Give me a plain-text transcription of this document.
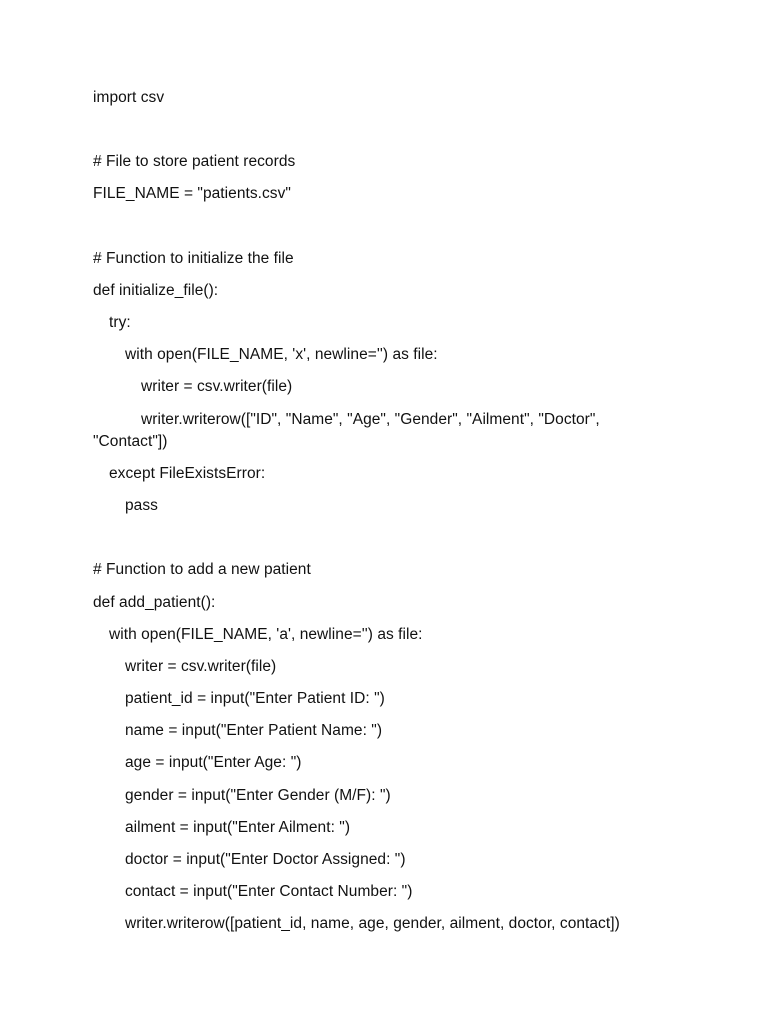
import csv
# File to store patient records
FILE_NAME = "patients.csv"
# Function to initialize the file
def initialize_file():
try:
with open(FILE_NAME, 'x', newline='') as file:
writer = csv.writer(file)
writer.writerow(["ID", "Name", "Age", "Gender", "Ailment", "Doctor",
"Contact"])
except FileExistsError:
pass
# Function to add a new patient
def add_patient():
with open(FILE_NAME, 'a', newline='') as file:
writer = csv.writer(file)
patient_id = input("Enter Patient ID: ")
name = input("Enter Patient Name: ")
age = input("Enter Age: ")
gender = input("Enter Gender (M/F): ")
ailment = input("Enter Ailment: ")
doctor = input("Enter Doctor Assigned: ")
contact = input("Enter Contact Number: ")
writer.writerow([patient_id, name, age, gender, ailment, doctor, contact])
